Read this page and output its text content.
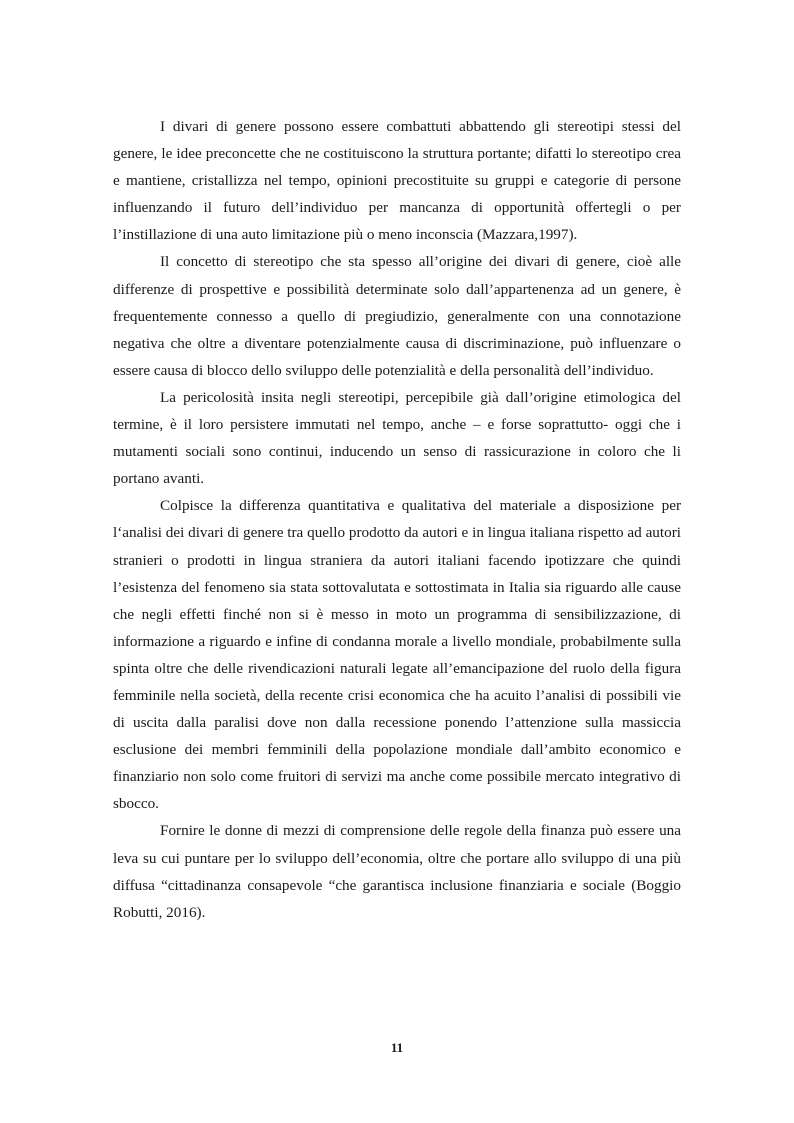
I divari di genere possono essere combattuti abbattendo gli stereotipi stessi del genere, le idee preconcette che ne costituiscono la struttura portante; difatti lo stereotipo crea e mantiene, cristallizza nel tempo, opinioni precostituite su gruppi e categorie di persone influenzando il futuro dell’individuo per mancanza di opportunità offertegli o per l’instillazione di una auto limitazione più o meno inconscia (Mazzara,1997).

Il concetto di stereotipo che sta spesso all’origine dei divari di genere, cioè alle differenze di prospettive e possibilità determinate solo dall’appartenenza ad un genere, è frequentemente connesso a quello di pregiudizio, generalmente con una connotazione negativa che oltre a diventare potenzialmente causa di discriminazione, può influenzare o essere causa di blocco dello sviluppo delle potenzialità e della personalità dell’individuo.

La pericolosità insita negli stereotipi, percepibile già dall’origine etimologica del termine, è il loro persistere immutati nel tempo, anche – e forse soprattutto- oggi che i mutamenti sociali sono continui, inducendo un senso di rassicurazione in coloro che li portano avanti.

Colpisce la differenza quantitativa e qualitativa del materiale a disposizione per l‘analisi dei divari di genere tra quello prodotto da autori e in lingua italiana rispetto ad autori stranieri o prodotti in lingua straniera da autori italiani facendo ipotizzare che quindi l’esistenza del fenomeno sia stata sottovalutata e sottostimata in Italia sia riguardo alle cause che negli effetti finché non si è messo in moto un programma di sensibilizzazione, di informazione a riguardo e infine di condanna morale a livello mondiale, probabilmente sulla spinta oltre che delle rivendicazioni naturali legate all’emancipazione del ruolo della figura femminile nella società, della recente crisi economica che ha acuito l’analisi di possibili vie di uscita dalla paralisi dove non dalla recessione ponendo l’attenzione sulla massiccia esclusione dei membri femminili della popolazione mondiale dall’ambito economico e finanziario non solo come fruitori di servizi ma anche come possibile mercato integrativo di sbocco.

Fornire le donne di mezzi di comprensione delle regole della finanza può essere una leva su cui puntare per lo sviluppo dell’economia, oltre che portare allo sviluppo di una più diffusa “cittadinanza consapevole “che garantisca inclusione finanziaria e sociale (Boggio Robutti, 2016).

11
